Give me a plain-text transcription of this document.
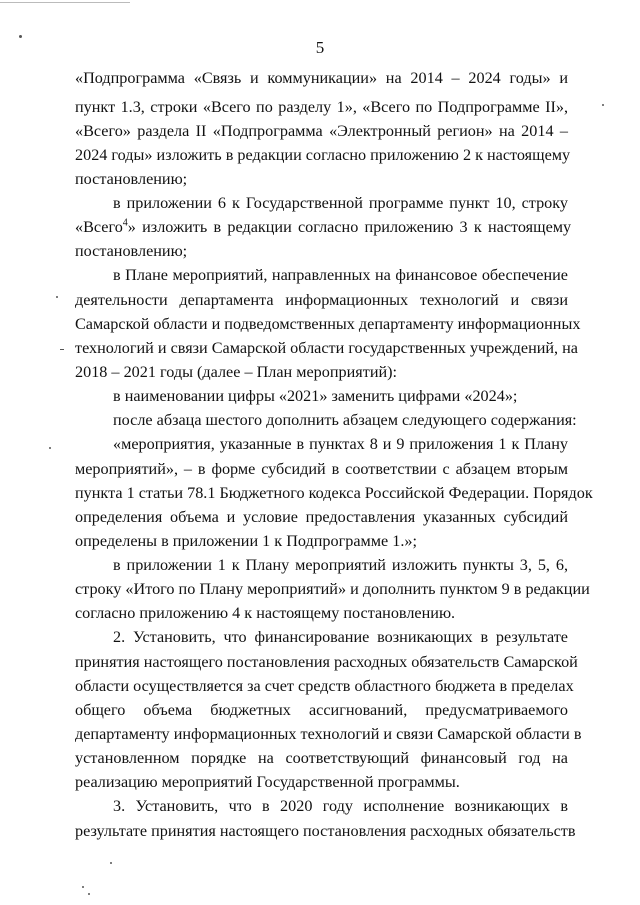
5
«Подпрограмма «Связь и коммуникации» на 2014 – 2024 годы» и
пункт 1.3, строки «Всего по разделу 1», «Всего по Подпрограмме II»,
«Всего» раздела II «Подпрограмма «Электронный регион» на 2014 –
2024 годы» изложить в редакции согласно приложению 2 к настоящему
постановлению;
в приложении 6 к Государственной программе пункт 10, строку
«Всего$^4$» изложить в редакции согласно приложению 3 к настоящему
постановлению;
в Плане мероприятий, направленных на финансовое обеспечение
деятельности департамента информационных технологий и связи
Самарской области и подведомственных департаменту информационных
технологий и связи Самарской области государственных учреждений, на
2018 – 2021 годы (далее – План мероприятий):
в наименовании цифры «2021» заменить цифрами «2024»;
после абзаца шестого дополнить абзацем следующего содержания:
«мероприятия, указанные в пунктах 8 и 9 приложения 1 к Плану
мероприятий», – в форме субсидий в соответствии с абзацем вторым
пункта 1 статьи 78.1 Бюджетного кодекса Российской Федерации. Порядок
определения объема и условие предоставления указанных субсидий
определены в приложении 1 к Подпрограмме 1.»;
в приложении 1 к Плану мероприятий изложить пункты 3, 5, 6,
строку «Итого по Плану мероприятий» и дополнить пунктом 9 в редакции
согласно приложению 4 к настоящему постановлению.
2. Установить, что финансирование возникающих в результате
принятия настоящего постановления расходных обязательств Самарской
области осуществляется за счет средств областного бюджета в пределах
общего объема бюджетных ассигнований, предусматриваемого
департаменту информационных технологий и связи Самарской области в
установленном порядке на соответствующий финансовый год на
реализацию мероприятий Государственной программы.
3. Установить, что в 2020 году исполнение возникающих в
результате принятия настоящего постановления расходных обязательств
